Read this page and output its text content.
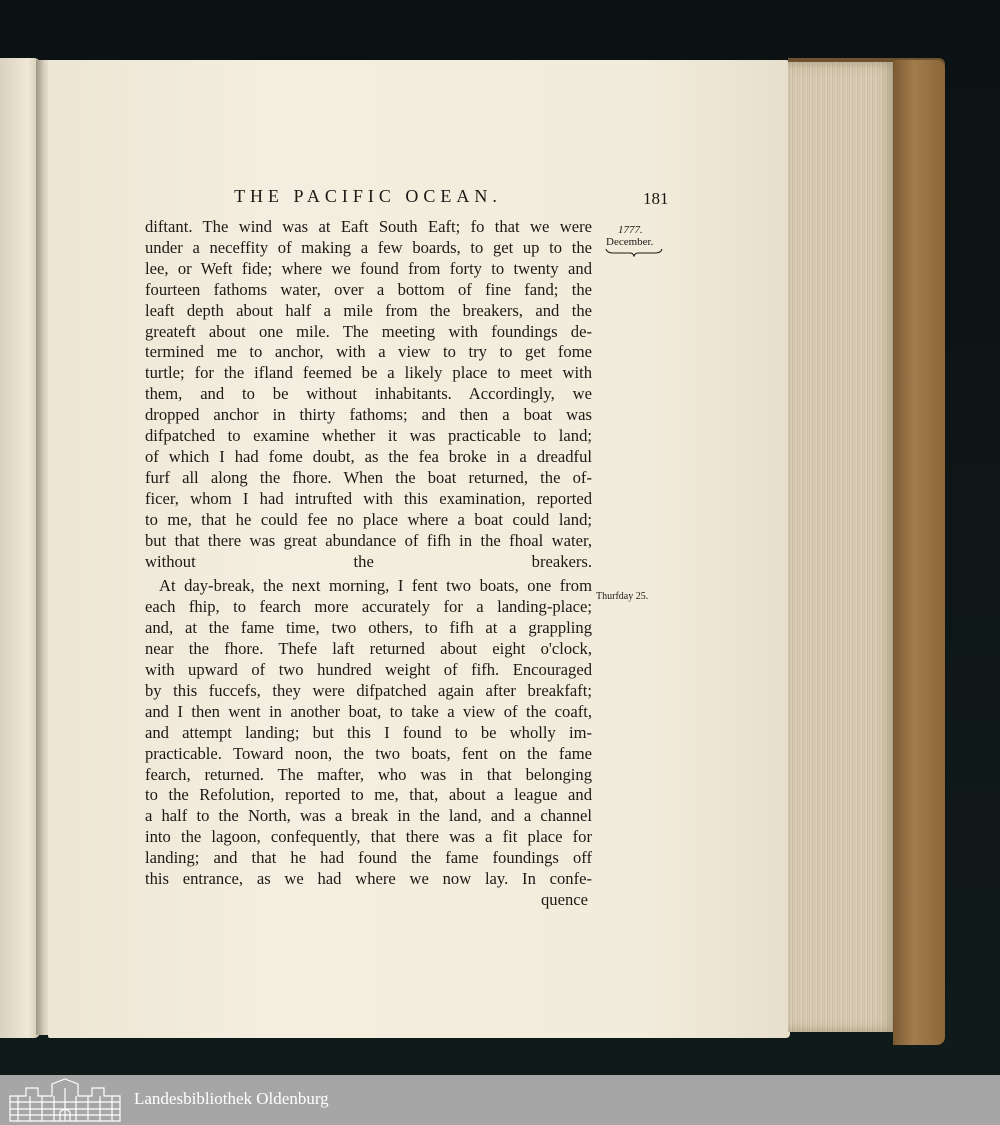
THE PACIFIC OCEAN.	181
1777.
December.
Thurfday 25.

diftant. The wind was at Eaft South Eaft; fo that we were
under a neceffity of making a few boards, to get up to the
lee, or Weft fide; where we found from forty to twenty and
fourteen fathoms water, over a bottom of fine fand; the
leaft depth about half a mile from the breakers, and the
greateft about one mile. The meeting with foundings de-
termined me to anchor, with a view to try to get fome
turtle; for the ifland feemed be a likely place to meet with
them, and to be without inhabitants. Accordingly, we
dropped anchor in thirty fathoms; and then a boat was
difpatched to examine whether it was practicable to land;
of which I had fome doubt, as the fea broke in a dreadful
furf all along the fhore. When the boat returned, the of-
ficer, whom I had intrufted with this examination, reported
to me, that he could fee no place where a boat could land;
but that there was great abundance of fifh in the fhoal water,
without the breakers.

At day-break, the next morning, I fent two boats, one from
each fhip, to fearch more accurately for a landing-place;
and, at the fame time, two others, to fifh at a grappling
near the fhore. Thefe laft returned about eight o'clock,
with upward of two hundred weight of fifh. Encouraged
by this fuccefs, they were difpatched again after breakfaft;
and I then went in another boat, to take a view of the coaft,
and attempt landing; but this I found to be wholly im-
practicable. Toward noon, the two boats, fent on the fame
fearch, returned. The mafter, who was in that belonging
to the Refolution, reported to me, that, about a league and
a half to the North, was a break in the land, and a channel
into the lagoon, confequently, that there was a fit place for
landing; and that he had found the fame foundings off
this entrance, as we had where we now lay. In confe-

quence
Landesbibliothek Oldenburg
